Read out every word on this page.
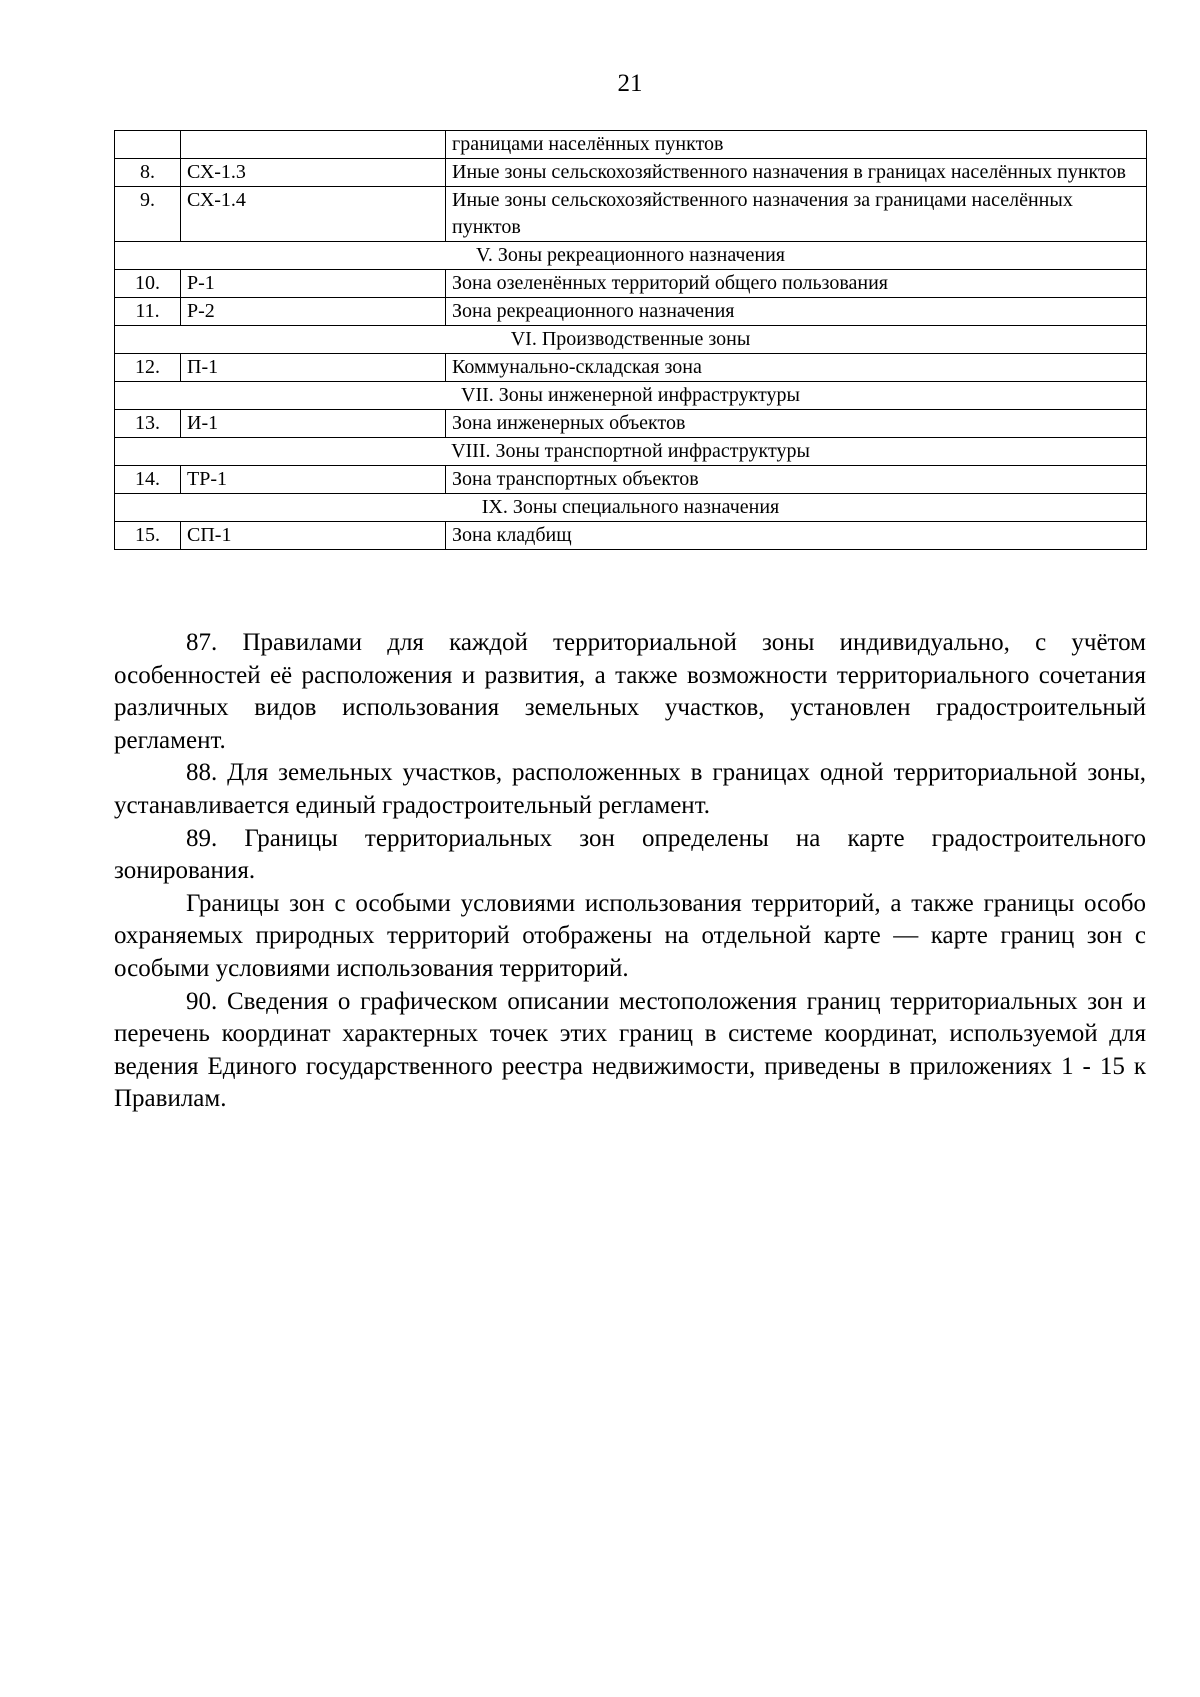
21
		границами населённых пунктов
8.	СХ-1.3	Иные зоны сельскохозяйственного назначения в границах населённых пунктов
9.	СХ-1.4	Иные зоны сельскохозяйственного назначения за границами населённых пунктов
V. Зоны рекреационного назначения		
10.	Р-1	Зона озеленённых территорий общего пользования
11.	Р-2	Зона рекреационного назначения
VI. Производственные зоны		
12.	П-1	Коммунально-складская зона
VII. Зоны инженерной инфраструктуры		
13.	И-1	Зона инженерных объектов
VIII. Зоны транспортной инфраструктуры		
14.	ТР-1	Зона транспортных объектов
IX. Зоны специального назначения		
15.	СП-1	Зона кладбищ

87. Правилами для каждой территориальной зоны индивидуально, с учётом особенностей её расположения и развития, а также возможности территориального сочетания различных видов использования земельных участков, установлен градостроительный регламент.

88. Для земельных участков, расположенных в границах одной территориальной зоны, устанавливается единый градостроительный регламент.

89. Границы территориальных зон определены на карте градостроительного зонирования.

Границы зон с особыми условиями использования территорий, а также границы особо охраняемых природных территорий отображены на отдельной карте — карте границ зон с особыми условиями использования территорий.

90. Сведения о графическом описании местоположения границ территориальных зон и перечень координат характерных точек этих границ в системе координат, используемой для ведения Единого государственного реестра недвижимости, приведены в приложениях 1 - 15 к Правилам.
